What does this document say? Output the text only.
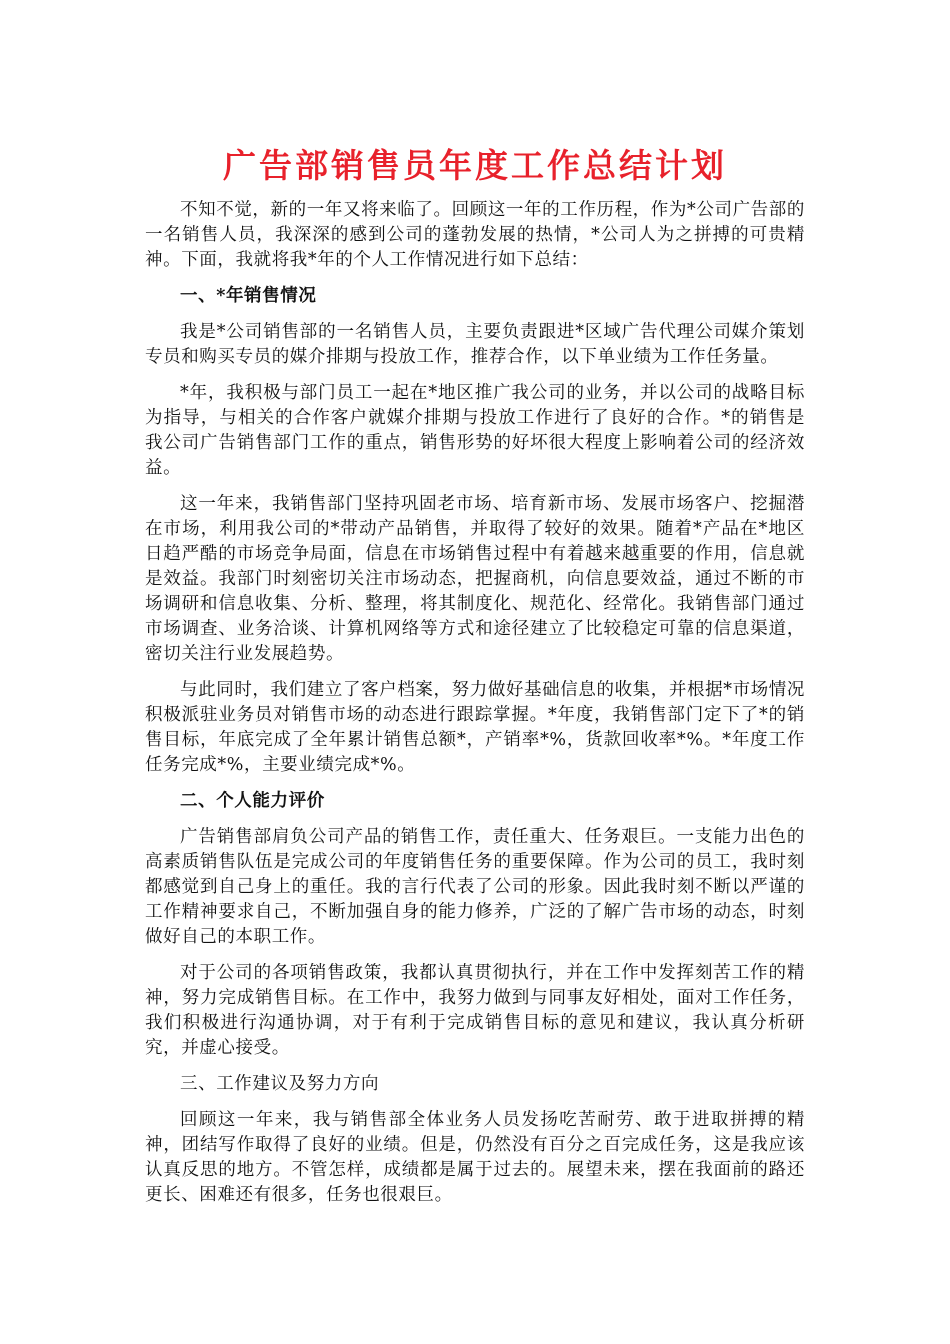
广告部销售员年度工作总结计划

不知不觉，新的一年又将来临了。回顾这一年的工作历程，作为*公司广告部的一名销售人员，我深深的感到公司的蓬勃发展的热情，*公司人为之拼搏的可贵精神。下面，我就将我*年的个人工作情况进行如下总结：

一、*年销售情况

我是*公司销售部的一名销售人员，主要负责跟进*区域广告代理公司媒介策划专员和购买专员的媒介排期与投放工作，推荐合作，以下单业绩为工作任务量。

*年，我积极与部门员工一起在*地区推广我公司的业务，并以公司的战略目标为指导，与相关的合作客户就媒介排期与投放工作进行了良好的合作。*的销售是我公司广告销售部门工作的重点，销售形势的好坏很大程度上影响着公司的经济效益。

这一年来，我销售部门坚持巩固老市场、培育新市场、发展市场客户、挖掘潜在市场，利用我公司的*带动产品销售，并取得了较好的效果。随着*产品在*地区日趋严酷的市场竞争局面，信息在市场销售过程中有着越来越重要的作用，信息就是效益。我部门时刻密切关注市场动态，把握商机，向信息要效益，通过不断的市场调研和信息收集、分析、整理，将其制度化、规范化、经常化。我销售部门通过市场调查、业务洽谈、计算机网络等方式和途径建立了比较稳定可靠的信息渠道，密切关注行业发展趋势。

与此同时，我们建立了客户档案，努力做好基础信息的收集，并根据*市场情况积极派驻业务员对销售市场的动态进行跟踪掌握。*年度，我销售部门定下了*的销售目标，年底完成了全年累计销售总额*，产销率*%，货款回收率*%。*年度工作任务完成*%，主要业绩完成*%。

二、个人能力评价

广告销售部肩负公司产品的销售工作，责任重大、任务艰巨。一支能力出色的高素质销售队伍是完成公司的年度销售任务的重要保障。作为公司的员工，我时刻都感觉到自己身上的重任。我的言行代表了公司的形象。因此我时刻不断以严谨的工作精神要求自己，不断加强自身的能力修养，广泛的了解广告市场的动态，时刻做好自己的本职工作。

对于公司的各项销售政策，我都认真贯彻执行，并在工作中发挥刻苦工作的精神，努力完成销售目标。在工作中，我努力做到与同事友好相处，面对工作任务，我们积极进行沟通协调，对于有利于完成销售目标的意见和建议，我认真分析研究，并虚心接受。

三、工作建议及努力方向

回顾这一年来，我与销售部全体业务人员发扬吃苦耐劳、敢于进取拼搏的精神，团结写作取得了良好的业绩。但是，仍然没有百分之百完成任务，这是我应该认真反思的地方。不管怎样，成绩都是属于过去的。展望未来，摆在我面前的路还更长、困难还有很多，任务也很艰巨。
